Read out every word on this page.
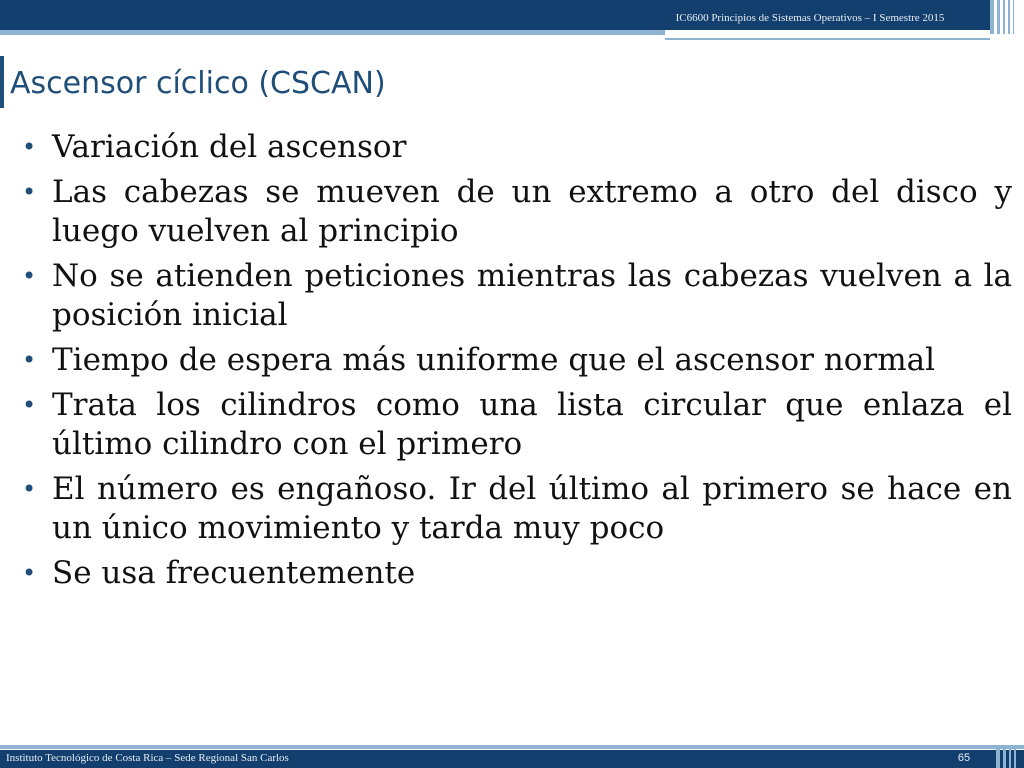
IC6600 Principios de Sistemas Operativos – I Semestre 2015
Ascensor cíclico (CSCAN)
• Variación del ascensor
• Las cabezas se mueven de un extremo a otro del disco y luego vuelven al principio
• No se atienden peticiones mientras las cabezas vuelven a la posición inicial
• Tiempo de espera más uniforme que el ascensor normal
• Trata los cilindros como una lista circular que enlaza el último cilindro con el primero
• El número es engañoso. Ir del último al primero se hace en un único movimiento y tarda muy poco
• Se usa frecuentemente
Instituto Tecnológico de Costa Rica – Sede Regional San Carlos	65
